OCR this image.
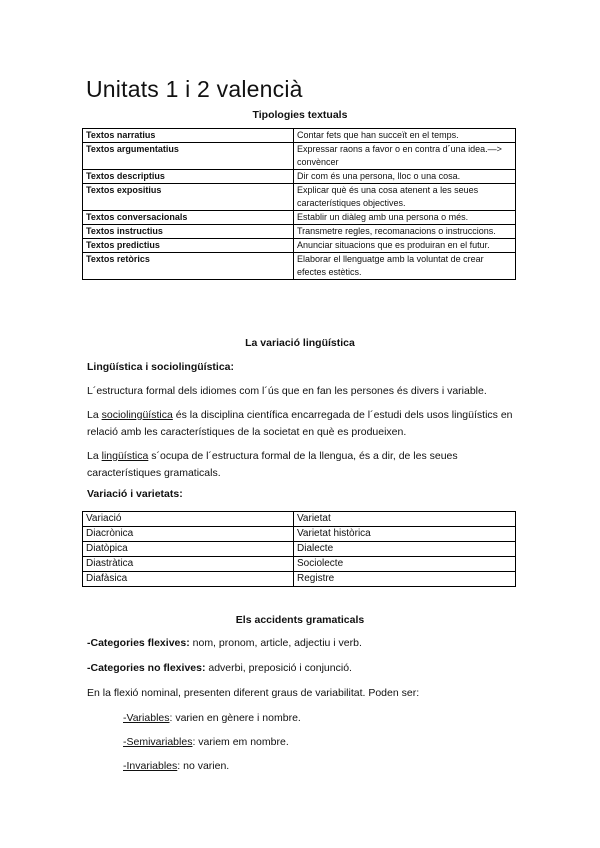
Unitats 1 i 2 valencià
Tipologies textuals
Textos narratius	Contar fets que han succeït en el temps.
Textos argumentatius	Expressar raons a favor o en contra d´una idea.—> convèncer
Textos descriptius	Dir com és una persona, lloc o una cosa.
Textos expositius	Explicar què és una cosa atenent a les seues característiques objectives.
Textos conversacionals	Establir un diàleg amb una persona o més.
Textos instructius	Transmetre regles, recomanacions o instruccions.
Textos predictius	Anunciar situacions que es produiran en el futur.
Textos retòrics	Elaborar el llenguatge amb la voluntat de crear efectes estètics.
La variació lingüística
Lingüística i sociolingüística:
L´estructura formal dels idiomes com l´ús que en fan les persones és divers i variable.
La sociolingüística és la disciplina científica encarregada de l´estudi dels usos lingüístics en relació amb les característiques de la societat en què es produeixen.
La lingüística s´ocupa de l´estructura formal de la llengua, és a dir, de les seues característiques gramaticals.
Variació i varietats:
Variació	Varietat
Diacrònica	Varietat històrica
Diatòpica	Dialecte
Diastràtica	Sociolecte
Diafàsica	Registre
Els accidents gramaticals
-Categories flexives: nom, pronom, article, adjectiu i verb.
-Categories no flexives: adverbi, preposició i conjunció.
En la flexió nominal, presenten diferent graus de variabilitat. Poden ser:
-Variables: varien en gènere i nombre.
-Semivariables: variem em nombre.
-Invariables: no varien.
